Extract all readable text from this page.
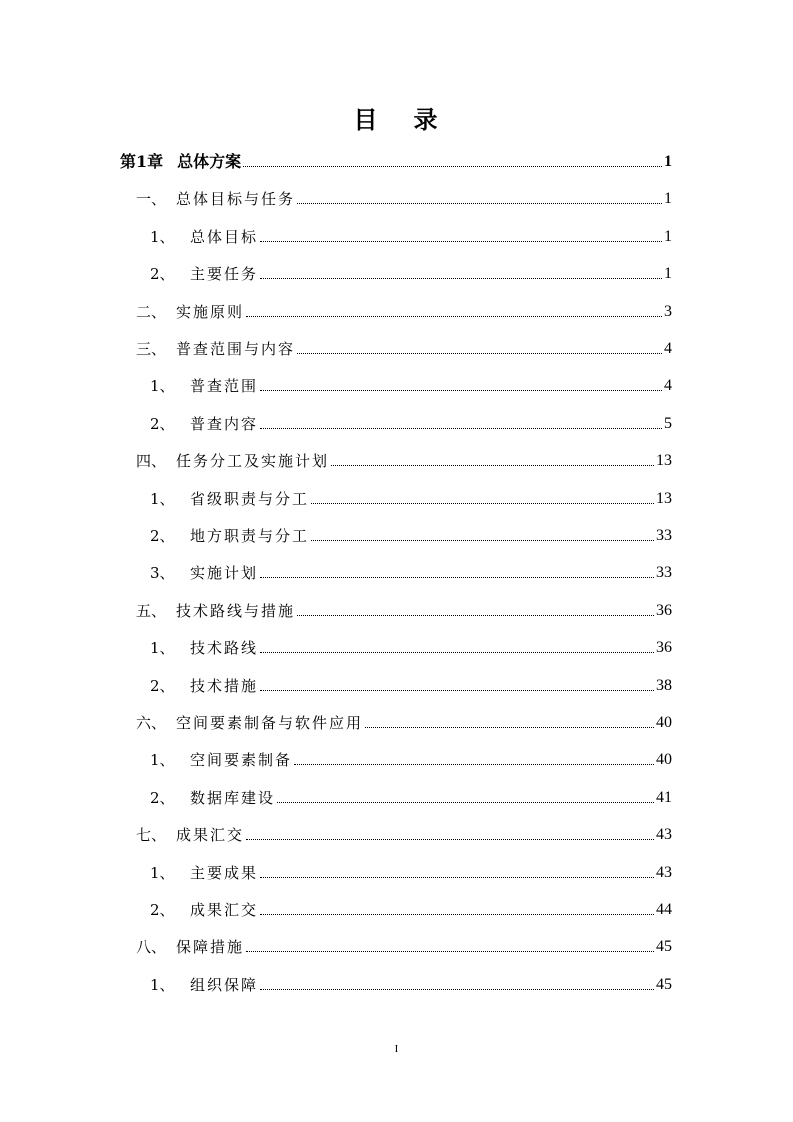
目 录
第1章 总体方案	1
一、 总体目标与任务	1
1、	总体目标	1
2、	主要任务	1
二、 实施原则	3
三、 普查范围与内容	4
1、	普查范围	4
2、	普查内容	5
四、 任务分工及实施计划	13
1、	省级职责与分工	13
2、	地方职责与分工	33
3、	实施计划	33
五、 技术路线与措施	36
1、	技术路线	36
2、	技术措施	38
六、 空间要素制备与软件应用	40
1、	空间要素制备	40
2、	数据库建设	41
七、 成果汇交	43
1、	主要成果	43
2、	成果汇交	44
八、 保障措施	45
1、	组织保障	45
I
